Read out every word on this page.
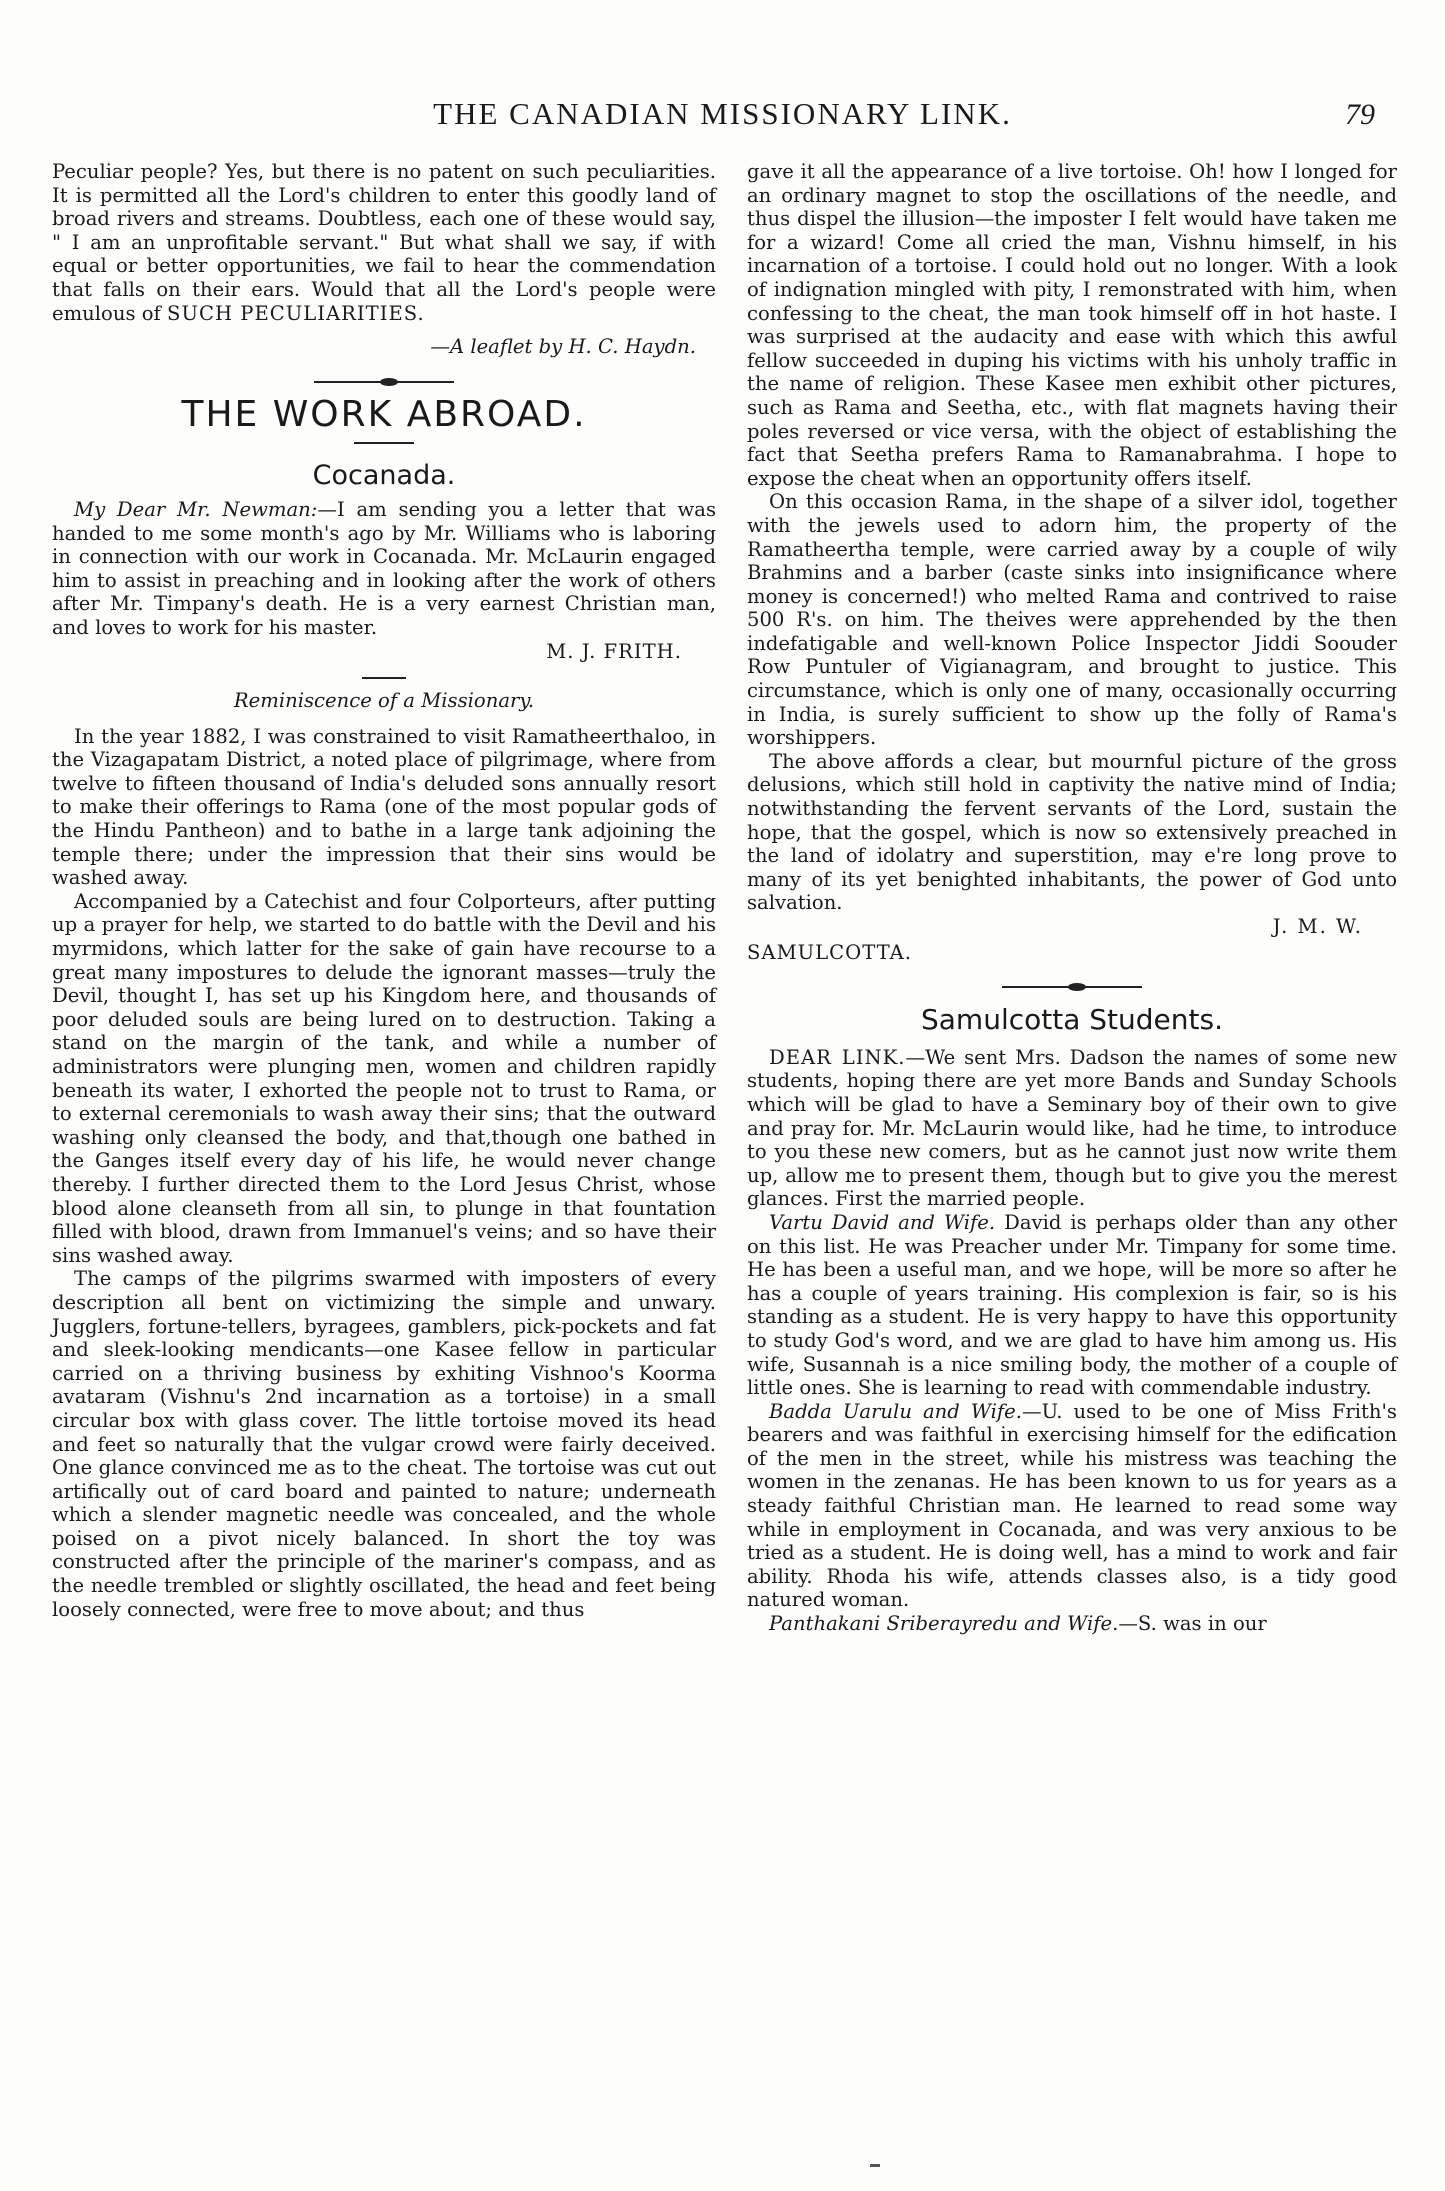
THE CANADIAN MISSIONARY LINK.	79

Peculiar people? Yes, but there is no patent on such peculiarities. It is permitted all the Lord's children to enter this goodly land of broad rivers and streams. Doubtless, each one of these would say, " I am an unprofitable servant." But what shall we say, if with equal or better opportunities, we fail to hear the commendation that falls on their ears. Would that all the Lord's people were emulous of SUCH PECULIARITIES.

—A leaflet by H. C. Haydn.

THE WORK ABROAD.
Cocanada.

My Dear Mr. Newman:—I am sending you a letter that was handed to me some month's ago by Mr. Williams who is laboring in connection with our work in Cocanada. Mr. McLaurin engaged him to assist in preaching and in looking after the work of others after Mr. Timpany's death. He is a very earnest Christian man, and loves to work for his master.

M. J. FRITH.

Reminiscence of a Missionary.

In the year 1882, I was constrained to visit Ramatheerthaloo, in the Vizagapatam District, a noted place of pilgrimage, where from twelve to fifteen thousand of India's deluded sons annually resort to make their offerings to Rama (one of the most popular gods of the Hindu Pantheon) and to bathe in a large tank adjoining the temple there; under the impression that their sins would be washed away.

Accompanied by a Catechist and four Colporteurs, after putting up a prayer for help, we started to do battle with the Devil and his myrmidons, which latter for the sake of gain have recourse to a great many impostures to delude the ignorant masses—truly the Devil, thought I, has set up his Kingdom here, and thousands of poor deluded souls are being lured on to destruction. Taking a stand on the margin of the tank, and while a number of administrators were plunging men, women and children rapidly beneath its water, I exhorted the people not to trust to Rama, or to external ceremonials to wash away their sins; that the outward washing only cleansed the body, and that,though one bathed in the Ganges itself every day of his life, he would never change thereby. I further directed them to the Lord Jesus Christ, whose blood alone cleanseth from all sin, to plunge in that fountation filled with blood, drawn from Immanuel's veins; and so have their sins washed away.

The camps of the pilgrims swarmed with imposters of every description all bent on victimizing the simple and unwary. Jugglers, fortune-tellers, byragees, gamblers, pick-pockets and fat and sleek-looking mendicants—one Kasee fellow in particular carried on a thriving business by exhiting Vishnoo's Koorma avataram (Vishnu's 2nd incarnation as a tortoise) in a small circular box with glass cover. The little tortoise moved its head and feet so naturally that the vulgar crowd were fairly deceived. One glance convinced me as to the cheat. The tortoise was cut out artifically out of card board and painted to nature; underneath which a slender magnetic needle was concealed, and the whole poised on a pivot nicely balanced. In short the toy was constructed after the principle of the mariner's compass, and as the needle trembled or slightly oscillated, the head and feet being loosely connected, were free to move about; and thus

gave it all the appearance of a live tortoise. Oh! how I longed for an ordinary magnet to stop the oscillations of the needle, and thus dispel the illusion—the imposter I felt would have taken me for a wizard! Come all cried the man, Vishnu himself, in his incarnation of a tortoise. I could hold out no longer. With a look of indignation mingled with pity, I remonstrated with him, when confessing to the cheat, the man took himself off in hot haste. I was surprised at the audacity and ease with which this awful fellow succeeded in duping his victims with his unholy traffic in the name of religion. These Kasee men exhibit other pictures, such as Rama and Seetha, etc., with flat magnets having their poles reversed or vice versa, with the object of establishing the fact that Seetha prefers Rama to Ramanabrahma. I hope to expose the cheat when an opportunity offers itself.

On this occasion Rama, in the shape of a silver idol, together with the jewels used to adorn him, the property of the Ramatheertha temple, were carried away by a couple of wily Brahmins and a barber (caste sinks into insignificance where money is concerned!) who melted Rama and contrived to raise 500 R's. on him. The theives were apprehended by the then indefatigable and well-known Police Inspector Jiddi Soouder Row Puntuler of Vigianagram, and brought to justice. This circumstance, which is only one of many, occasionally occurring in India, is surely sufficient to show up the folly of Rama's worshippers.

The above affords a clear, but mournful picture of the gross delusions, which still hold in captivity the native mind of India; notwithstanding the fervent servants of the Lord, sustain the hope, that the gospel, which is now so extensively preached in the land of idolatry and superstition, may e're long prove to many of its yet benighted inhabitants, the power of God unto salvation.

J. M. W.

SAMULCOTTA.

Samulcotta Students.

DEAR LINK.—We sent Mrs. Dadson the names of some new students, hoping there are yet more Bands and Sunday Schools which will be glad to have a Seminary boy of their own to give and pray for. Mr. McLaurin would like, had he time, to introduce to you these new comers, but as he cannot just now write them up, allow me to present them, though but to give you the merest glances. First the married people.

Vartu David and Wife. David is perhaps older than any other on this list. He was Preacher under Mr. Timpany for some time. He has been a useful man, and we hope, will be more so after he has a couple of years training. His complexion is fair, so is his standing as a student. He is very happy to have this opportunity to study God's word, and we are glad to have him among us. His wife, Susannah is a nice smiling body, the mother of a couple of little ones. She is learning to read with commendable industry.

Badda Uarulu and Wife.—U. used to be one of Miss Frith's bearers and was faithful in exercising himself for the edification of the men in the street, while his mistress was teaching the women in the zenanas. He has been known to us for years as a steady faithful Christian man. He learned to read some way while in employment in Cocanada, and was very anxious to be tried as a student. He is doing well, has a mind to work and fair ability. Rhoda his wife, attends classes also, is a tidy good natured woman.

Panthakani Sriberayredu and Wife.—S. was in our
